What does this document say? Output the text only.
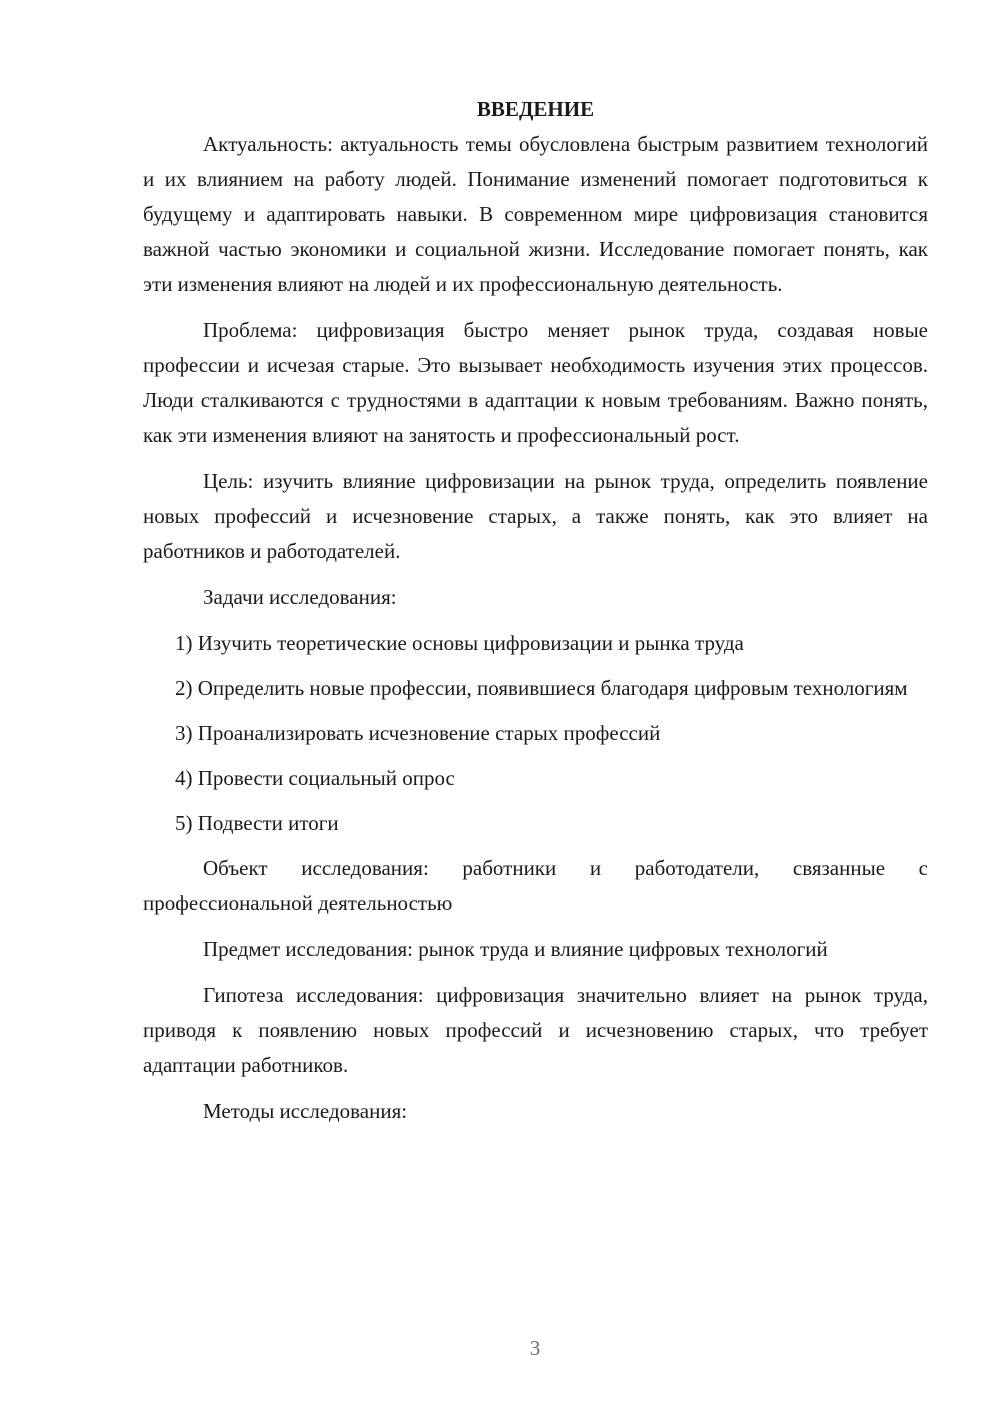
ВВЕДЕНИЕ

Актуальность: актуальность темы обусловлена быстрым развитием технологий и их влиянием на работу людей. Понимание изменений помогает подготовиться к будущему и адаптировать навыки. В современном мире цифровизация становится важной частью экономики и социальной жизни. Исследование помогает понять, как эти изменения влияют на людей и их профессиональную деятельность.

Проблема: цифровизация быстро меняет рынок труда, создавая новые профессии и исчезая старые. Это вызывает необходимость изучения этих процессов. Люди сталкиваются с трудностями в адаптации к новым требованиям. Важно понять, как эти изменения влияют на занятость и профессиональный рост.

Цель: изучить влияние цифровизации на рынок труда, определить появление новых профессий и исчезновение старых, а также понять, как это влияет на работников и работодателей.

Задачи исследования:

1) Изучить теоретические основы цифровизации и рынка труда

2) Определить новые профессии, появившиеся благодаря цифровым технологиям

3) Проанализировать исчезновение старых профессий

4) Провести социальный опрос

5) Подвести итоги

Объект исследования: работники и работодатели, связанные с профессиональной деятельностью

Предмет исследования: рынок труда и влияние цифровых технологий

Гипотеза исследования: цифровизация значительно влияет на рынок труда, приводя к появлению новых профессий и исчезновению старых, что требует адаптации работников.

Методы исследования:

3
